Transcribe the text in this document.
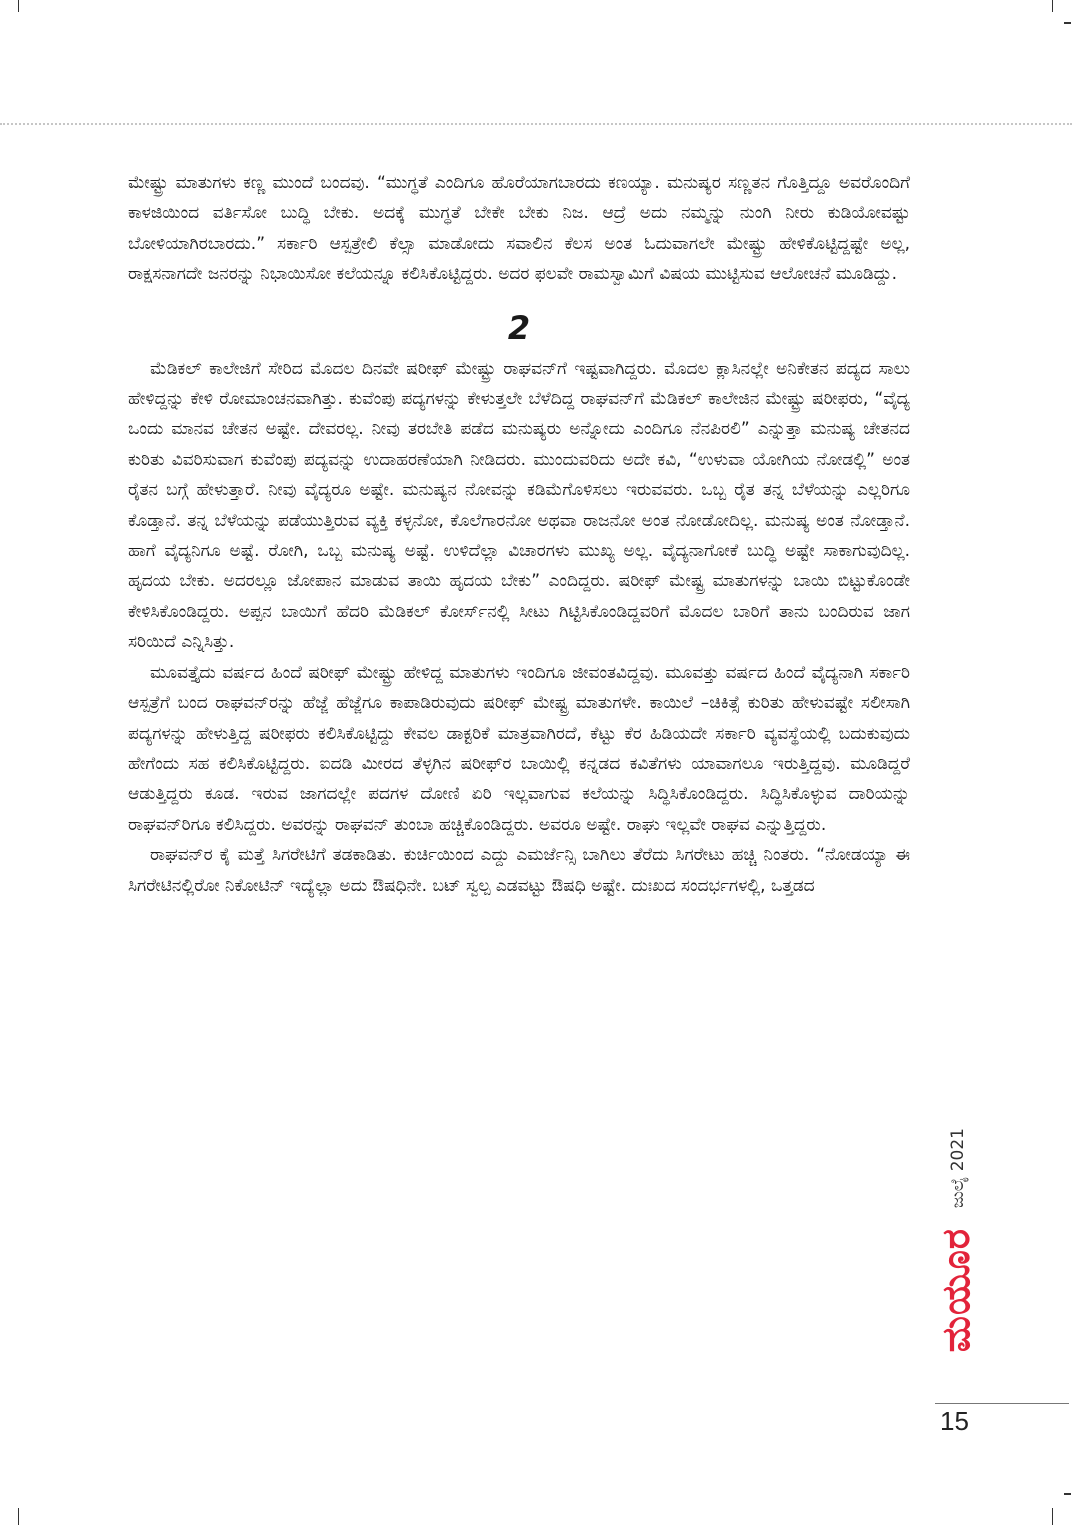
ಮೇಷ್ಟ್ರು ಮಾತುಗಳು ಕಣ್ಣ ಮುಂದೆ ಬಂದವು. “ಮುಗ್ಧತೆ ಎಂದಿಗೂ ಹೊರೆಯಾಗಬಾರದು ಕಣಯ್ಯಾ. ಮನುಷ್ಯರ ಸಣ್ಣತನ ಗೊತ್ತಿದ್ದೂ ಅವರೊಂದಿಗೆ ಕಾಳಜಿಯಿಂದ ವರ್ತಿಸೋ ಬುದ್ಧಿ ಬೇಕು. ಅದಕ್ಕೆ ಮುಗ್ಧತೆ ಬೇಕೇ ಬೇಕು ನಿಜ. ಆದ್ರೆ ಅದು ನಮ್ಮನ್ನು ನುಂಗಿ ನೀರು ಕುಡಿಯೋವಷ್ಟು ಬೋಳಿಯಾಗಿರಬಾರದು.” ಸರ್ಕಾರಿ ಆಸ್ಪತ್ರೇಲಿ ಕೆಲ್ಸಾ ಮಾಡೋದು ಸವಾಲಿನ ಕೆಲಸ ಅಂತ ಓದುವಾಗಲೇ ಮೇಷ್ಟ್ರು ಹೇಳಿಕೊಟ್ಟಿದ್ದಷ್ಟೇ ಅಲ್ಲ, ರಾಕ್ಷಸನಾಗದೇ ಜನರನ್ನು ನಿಭಾಯಿಸೋ ಕಲೆಯನ್ನೂ ಕಲಿಸಿಕೊಟ್ಟಿದ್ದರು. ಅದರ ಫಲವೇ ರಾಮಸ್ವಾಮಿಗೆ ವಿಷಯ ಮುಟ್ಟಿಸುವ ಆಲೋಚನೆ ಮೂಡಿದ್ದು.

2

ಮೆಡಿಕಲ್ ಕಾಲೇಜಿಗೆ ಸೇರಿದ ಮೊದಲ ದಿನವೇ ಷರೀಫ್ ಮೇಷ್ಟ್ರು ರಾಘವನ್‌ಗೆ ಇಷ್ಟವಾಗಿದ್ದರು. ಮೊದಲ ಕ್ಲಾಸಿನಲ್ಲೇ ಅನಿಕೇತನ ಪದ್ಯದ ಸಾಲು ಹೇಳಿದ್ದನ್ನು ಕೇಳಿ ರೋಮಾಂಚನವಾಗಿತ್ತು. ಕುವೆಂಪು ಪದ್ಯಗಳನ್ನು ಕೇಳುತ್ತಲೇ ಬೆಳೆದಿದ್ದ ರಾಘವನ್‌ಗೆ ಮೆಡಿಕಲ್ ಕಾಲೇಜಿನ ಮೇಷ್ಟ್ರು ಷರೀಫರು, “ವೈದ್ಯ ಒಂದು ಮಾನವ ಚೇತನ ಅಷ್ಟೇ. ದೇವರಲ್ಲ. ನೀವು ತರಬೇತಿ ಪಡೆದ ಮನುಷ್ಯರು ಅನ್ನೋದು ಎಂದಿಗೂ ನೆನಪಿರಲಿ” ಎನ್ನುತ್ತಾ ಮನುಷ್ಯ ಚೇತನದ ಕುರಿತು ವಿವರಿಸುವಾಗ ಕುವೆಂಪು ಪದ್ಯವನ್ನು ಉದಾಹರಣೆಯಾಗಿ ನೀಡಿದರು. ಮುಂದುವರಿದು ಅದೇ ಕವಿ, “ಉಳುವಾ ಯೋಗಿಯ ನೋಡಲ್ಲಿ” ಅಂತ ರೈತನ ಬಗ್ಗೆ ಹೇಳುತ್ತಾರೆ. ನೀವು ವೈದ್ಯರೂ ಅಷ್ಟೇ. ಮನುಷ್ಯನ ನೋವನ್ನು ಕಡಿಮೆಗೊಳಿಸಲು ಇರುವವರು. ಒಬ್ಬ ರೈತ ತನ್ನ ಬೆಳೆಯನ್ನು ಎಲ್ಲರಿಗೂ ಕೊಡ್ತಾನೆ. ತನ್ನ ಬೆಳೆಯನ್ನು ಪಡೆಯುತ್ತಿರುವ ವ್ಯಕ್ತಿ ಕಳ್ಳನೋ, ಕೊಲೆಗಾರನೋ ಅಥವಾ ರಾಜನೋ ಅಂತ ನೋಡೋದಿಲ್ಲ. ಮನುಷ್ಯ ಅಂತ ನೋಡ್ತಾನೆ. ಹಾಗೆ ವೈದ್ಯನಿಗೂ ಅಷ್ಟೆ. ರೋಗಿ, ಒಬ್ಬ ಮನುಷ್ಯ ಅಷ್ಟೆ. ಉಳಿದೆಲ್ಲಾ ವಿಚಾರಗಳು ಮುಖ್ಯ ಅಲ್ಲ. ವೈದ್ಯನಾಗೋಕೆ ಬುದ್ಧಿ ಅಷ್ಟೇ ಸಾಕಾಗುವುದಿಲ್ಲ. ಹೃದಯ ಬೇಕು. ಅದರಲ್ಲೂ ಜೋಪಾನ ಮಾಡುವ ತಾಯಿ ಹೃದಯ ಬೇಕು” ಎಂದಿದ್ದರು. ಷರೀಫ್ ಮೇಷ್ಟ್ರ ಮಾತುಗಳನ್ನು ಬಾಯಿ ಬಿಟ್ಟುಕೊಂಡೇ ಕೇಳಿಸಿಕೊಂಡಿದ್ದರು. ಅಪ್ಪನ ಬಾಯಿಗೆ ಹೆದರಿ ಮೆಡಿಕಲ್ ಕೋರ್ಸ್‌ನಲ್ಲಿ ಸೀಟು ಗಿಟ್ಟಿಸಿಕೊಂಡಿದ್ದವರಿಗೆ ಮೊದಲ ಬಾರಿಗೆ ತಾನು ಬಂದಿರುವ ಜಾಗ ಸರಿಯಿದೆ ಎನ್ನಿಸಿತ್ತು.

ಮೂವತ್ತೈದು ವರ್ಷದ ಹಿಂದೆ ಷರೀಫ್ ಮೇಷ್ಟ್ರು ಹೇಳಿದ್ದ ಮಾತುಗಳು ಇಂದಿಗೂ ಜೀವಂತವಿದ್ದವು. ಮೂವತ್ತು ವರ್ಷದ ಹಿಂದೆ ವೈದ್ಯನಾಗಿ ಸರ್ಕಾರಿ ಆಸ್ಪತ್ರೆಗೆ ಬಂದ ರಾಘವನ್‌ರನ್ನು ಹೆಜ್ಜೆ ಹೆಜ್ಜೆಗೂ ಕಾಪಾಡಿರುವುದು ಷರೀಫ್ ಮೇಷ್ಟ್ರ ಮಾತುಗಳೇ. ಕಾಯಿಲೆ –ಚಿಕಿತ್ಸೆ ಕುರಿತು ಹೇಳುವಷ್ಟೇ ಸಲೀಸಾಗಿ ಪದ್ಯಗಳನ್ನು ಹೇಳುತ್ತಿದ್ದ ಷರೀಫರು ಕಲಿಸಿಕೊಟ್ಟಿದ್ದು ಕೇವಲ ಡಾಕ್ಟರಿಕೆ ಮಾತ್ರವಾಗಿರದೆ, ಕೆಟ್ಟು ಕೆರ ಹಿಡಿಯದೇ ಸರ್ಕಾರಿ ವ್ಯವಸ್ಥೆಯಲ್ಲಿ ಬದುಕುವುದು ಹೇಗೆಂದು ಸಹ ಕಲಿಸಿಕೊಟ್ಟಿದ್ದರು. ಐದಡಿ ಮೀರದ ತೆಳ್ಳಗಿನ ಷರೀಫ್‌ರ ಬಾಯಿಲ್ಲಿ ಕನ್ನಡದ ಕವಿತೆಗಳು ಯಾವಾಗಲೂ ಇರುತ್ತಿದ್ದವು. ಮೂಡಿದ್ದರೆ ಆಡುತ್ತಿದ್ದರು ಕೂಡ. ಇರುವ ಜಾಗದಲ್ಲೇ ಪದಗಳ ದೋಣಿ ಏರಿ ಇಲ್ಲವಾಗುವ ಕಲೆಯನ್ನು ಸಿದ್ಧಿಸಿಕೊಂಡಿದ್ದರು. ಸಿದ್ಧಿಸಿಕೊಳ್ಳುವ ದಾರಿಯನ್ನು ರಾಘವನ್‌ರಿಗೂ ಕಲಿಸಿದ್ದರು. ಅವರನ್ನು ರಾಘವನ್ ತುಂಬಾ ಹಚ್ಚಿಕೊಂಡಿದ್ದರು. ಅವರೂ ಅಷ್ಟೇ. ರಾಘು ಇಲ್ಲವೇ ರಾಘವ ಎನ್ನುತ್ತಿದ್ದರು.

ರಾಘವನ್‌ರ ಕೈ ಮತ್ತೆ ಸಿಗರೇಟಿಗೆ ತಡಕಾಡಿತು. ಕುರ್ಚಿಯಿಂದ ಎದ್ದು ಎಮರ್ಜೆನ್ಸಿ ಬಾಗಿಲು ತೆರೆದು ಸಿಗರೇಟು ಹಚ್ಚಿ ನಿಂತರು. “ನೋಡಯ್ಯಾ ಈ ಸಿಗರೇಟಿನಲ್ಲಿರೋ ನಿಕೋಟಿನ್ ಇದ್ಯೆಲ್ಲಾ ಅದು ಔಷಧಿನೇ. ಬಟ್ ಸ್ವಲ್ಪ ಎಡವಟ್ಟು ಔಷಧಿ ಅಷ್ಟೇ. ದುಃಖದ ಸಂದರ್ಭಗಳಲ್ಲಿ, ಒತ್ತಡದ

ಜುಲೈ 2021
ಮಯೂರ
15
